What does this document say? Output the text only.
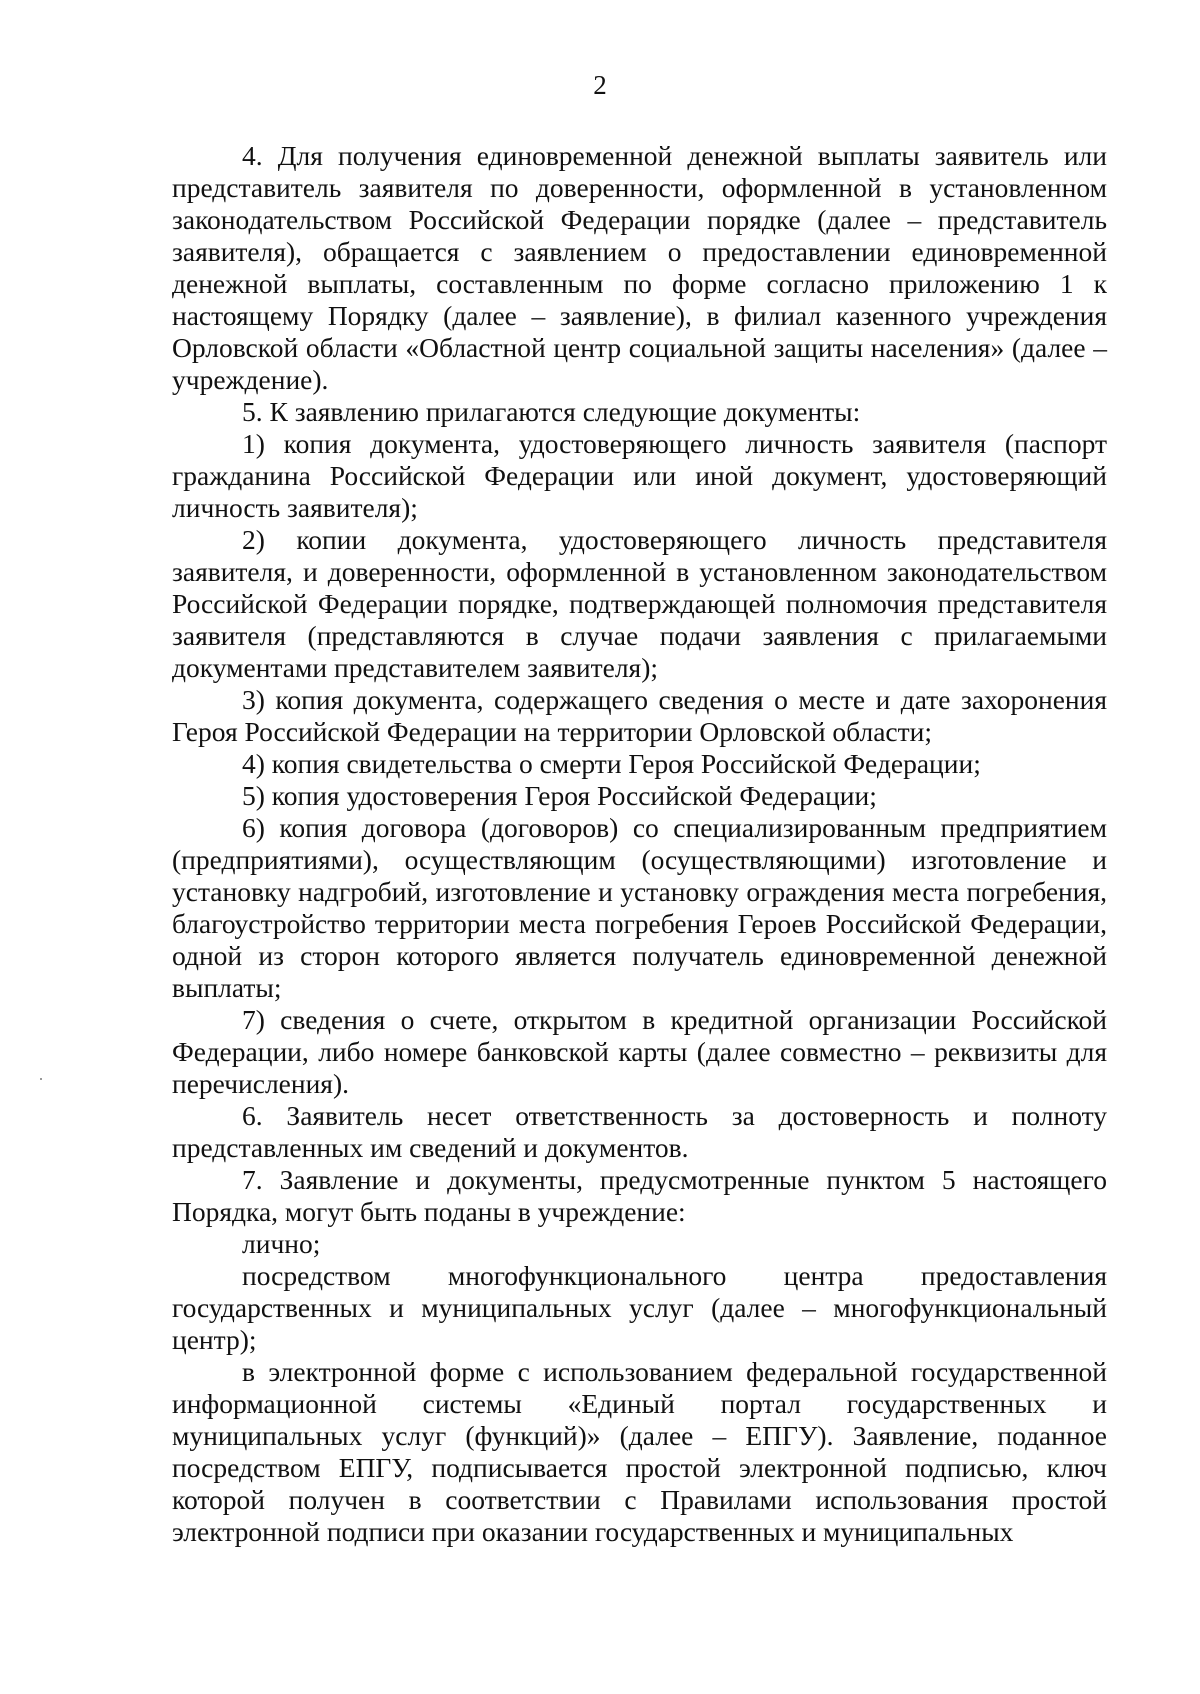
2

4. Для получения единовременной денежной выплаты заявитель или представитель заявителя по доверенности, оформленной в установленном законодательством Российской Федерации порядке (далее – представитель заявителя), обращается с заявлением о предоставлении единовременной денежной выплаты, составленным по форме согласно приложению 1 к настоящему Порядку (далее – заявление), в филиал казенного учреждения Орловской области «Областной центр социальной защиты населения» (далее – учреждение).

5. К заявлению прилагаются следующие документы:

1) копия документа, удостоверяющего личность заявителя (паспорт гражданина Российской Федерации или иной документ, удостоверяющий личность заявителя);

2) копии документа, удостоверяющего личность представителя заявителя, и доверенности, оформленной в установленном законодательством Российской Федерации порядке, подтверждающей полномочия представителя заявителя (представляются в случае подачи заявления с прилагаемыми документами представителем заявителя);

3) копия документа, содержащего сведения о месте и дате захоронения Героя Российской Федерации на территории Орловской области;

4) копия свидетельства о смерти Героя Российской Федерации;

5) копия удостоверения Героя Российской Федерации;

6) копия договора (договоров) со специализированным предприятием (предприятиями), осуществляющим (осуществляющими) изготовление и установку надгробий, изготовление и установку ограждения места погребения, благоустройство территории места погребения Героев Российской Федерации, одной из сторон которого является получатель единовременной денежной выплаты;

7) сведения о счете, открытом в кредитной организации Российской Федерации, либо номере банковской карты (далее совместно – реквизиты для перечисления).

6. Заявитель несет ответственность за достоверность и полноту представленных им сведений и документов.

7. Заявление и документы, предусмотренные пунктом 5 настоящего Порядка, могут быть поданы в учреждение:

лично;

посредством многофункционального центра предоставления государственных и муниципальных услуг (далее – многофункциональный центр);

в электронной форме с использованием федеральной государственной информационной системы «Единый портал государственных и муниципальных услуг (функций)» (далее – ЕПГУ). Заявление, поданное посредством ЕПГУ, подписывается простой электронной подписью, ключ которой получен в соответствии с Правилами использования простой электронной подписи при оказании государственных и муниципальных
